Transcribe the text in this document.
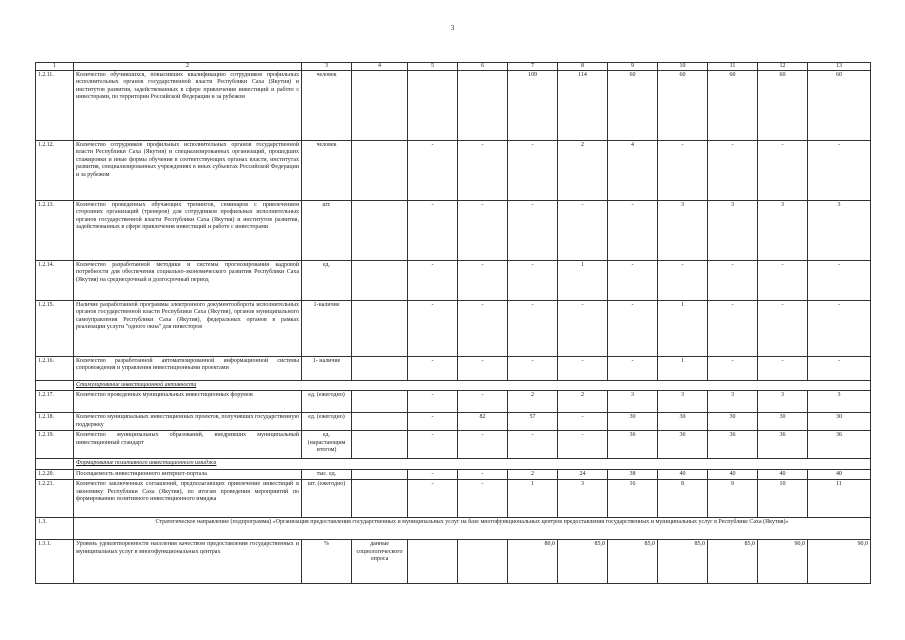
3
1	2	3	4	5	6	7	8	9	10	11	12	13
1.2.11.	Количество обучившихся, повысивших квалификацию сотрудников профильных исполнительных органов государственной власти Республики Саха (Якутия) и институтов развития, задействованных в сфере привлечения инвестиций и работе с инвесторами, по территории Российской Федерации и за рубежом	человек				109	114	60	60	60	60	60
1.2.12.	Количество сотрудников профильных исполнительных органов государственной власти Республики Саха (Якутия) и специализированных организаций, прошедших стажировки и иные формы обучения в соответствующих органах власти, институтах развития, специализированных учреждениях в иных субъектах Российской Федерации и за рубежом	человек		-	-	-	2	4	-	-	-	-
1.2.13.	Количество проведенных обучающих тренингов, семинаров с привлечением сторонних организаций (тренеров) для сотрудников профильных исполнительных органов государственной власти Республики Саха (Якутия) и институтов развития, задействованных в сфере привлечения инвестиций и работе с инвесторами	шт.		-	-	-	-	-	3	3	3	3
1.2.14.	Количество разработанной методики и системы прогнозирования кадровой потребности для обеспечения социально-экономического развития Республики Саха (Якутия) на среднесрочный и долгосрочный период	ед.		-	-	-	1	-	-	-	-	-
1.2.15.	Наличие разработанной программы электронного документооборота исполнительных органов государственной власти Республики Саха (Якутия), органов муниципального самоуправления Республики Саха (Якутия), федеральных органов в рамках реализации услуги "одного окна" для инвесторов	1-наличие		-	-	-	-	-	1	-	-	-
1.2.16.	Количество разработанной автоматизированной информационной системы сопровождения и управления инвестиционными проектами	1- наличие		-	-	-	-	-	1	-	-	-
	Стимулирование инвестиционной активности											
1.2.17.	Количество проведенных муниципальных инвестиционных форумов	ед. (ежегодно)		-	-	2	2	3	3	3	3	3
1.2.18.	Количество муниципальных инвестиционных проектов, получивших государственную поддержку	ед. (ежегодно)		-	82	57	-	30	30	30	30	30
1.2.19.	Количество муниципальных образований, внедривших муниципальный инвестиционный стандарт	ед. (нарастающим итогом)		-	-	-	-	36	36	36	36	36
	Формирование позитивного инвестиционного имиджа											
1.2.20.	Посещаемость инвестиционного интернет-портала	тыс. ед.		-	-	2	24	38	40	40	40	40
1.2.21.	Количество заключенных соглашений, предполагающих привлечение инвестиций в экономику Республики Саха (Якутия), по итогам проведения мероприятий по формированию позитивного инвестиционного имиджа	шт. (ежегодно)		-	-	1	3	16	8	9	10	11
1.3.	Стратегическое направление (подпрограмма) «Организация предоставления государственных и муниципальных услуг на базе многофункциональных центров предоставления государственных и муниципальных услуг в Республике Саха (Якутия)»											
1.3.1.	Уровень удовлетворенности населения качеством предоставления государственных и муниципальных услуг в многофункциональных центрах	%	данные социологического опроса			80,0	85,0	85,0	85,0	85,0	90,0	90,0
